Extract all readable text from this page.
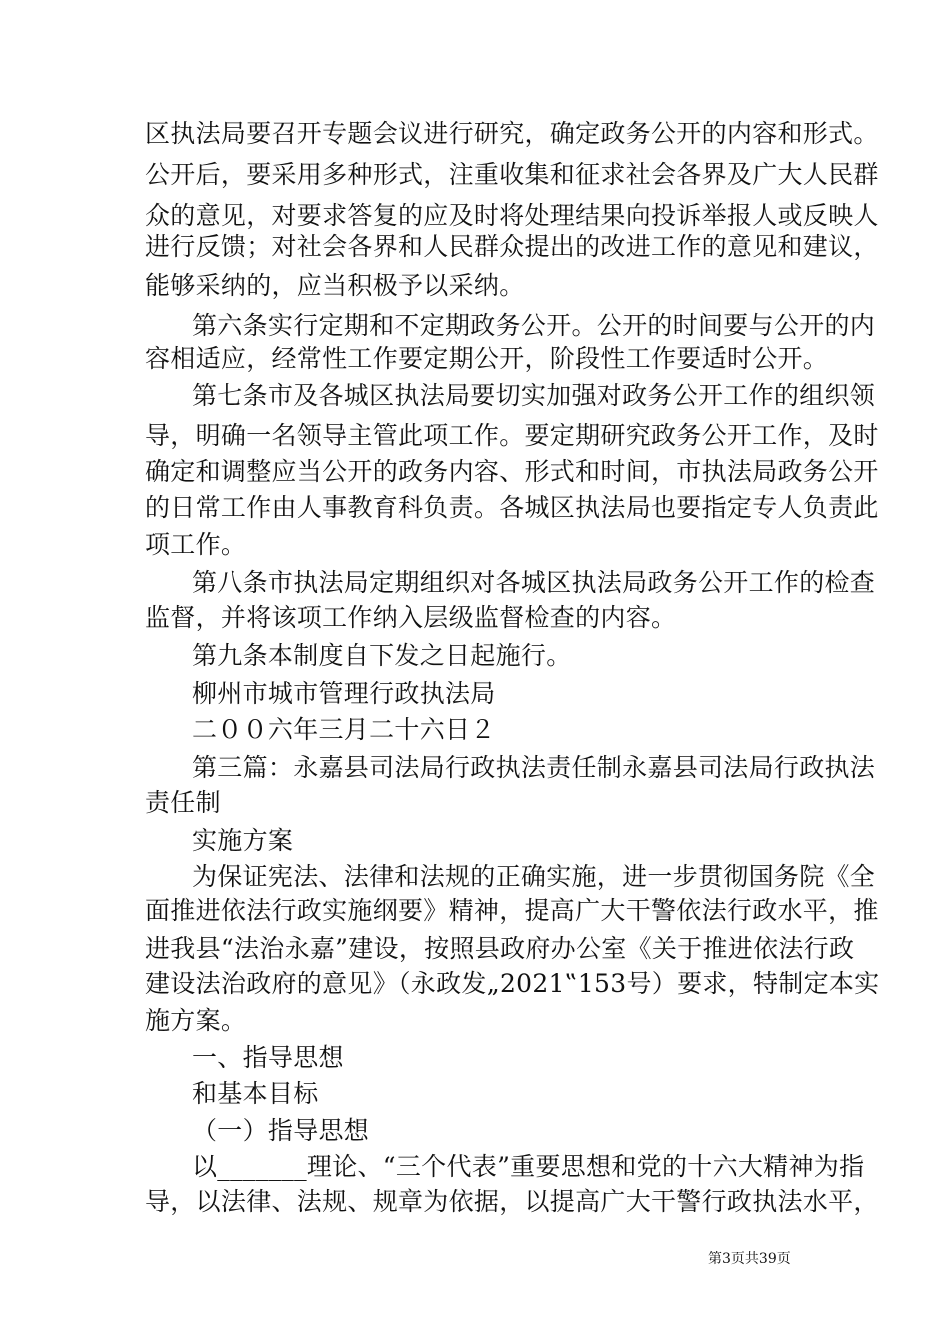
区执法局要召开专题会议进行研究，确定政务公开的内容和形式。
公开后，要采用多种形式，注重收集和征求社会各界及广大人民群
众的意见，对要求答复的应及时将处理结果向投诉举报人或反映人
进行反馈；对社会各界和人民群众提出的改进工作的意见和建议，
能够采纳的，应当积极予以采纳。
第六条实行定期和不定期政务公开。公开的时间要与公开的内
容相适应，经常性工作要定期公开，阶段性工作要适时公开。
第七条市及各城区执法局要切实加强对政务公开工作的组织领
导，明确一名领导主管此项工作。要定期研究政务公开工作，及时
确定和调整应当公开的政务内容、形式和时间，市执法局政务公开
的日常工作由人事教育科负责。各城区执法局也要指定专人负责此
项工作。
第八条市执法局定期组织对各城区执法局政务公开工作的检查
监督，并将该项工作纳入层级监督检查的内容。
第九条本制度自下发之日起施行。
柳州市城市管理行政执法局
二００六年三月二十六日２
第三篇：永嘉县司法局行政执法责任制永嘉县司法局行政执法
责任制
实施方案
为保证宪法、法律和法规的正确实施，进一步贯彻国务院《全
面推进依法行政实施纲要》精神，提高广大干警依法行政水平，推
进我县“法治永嘉”建设，按照县政府办公室《关于推进依法行政
建设法治政府的意见》（永政发„2021‟153号）要求，特制定本实
施方案。
一、指导思想
和基本目标
（一）指导思想
以_______理论、“三个代表”重要思想和党的十六大精神为指
导，以法律、法规、规章为依据，以提高广大干警行政执法水平，
第3页共39页
